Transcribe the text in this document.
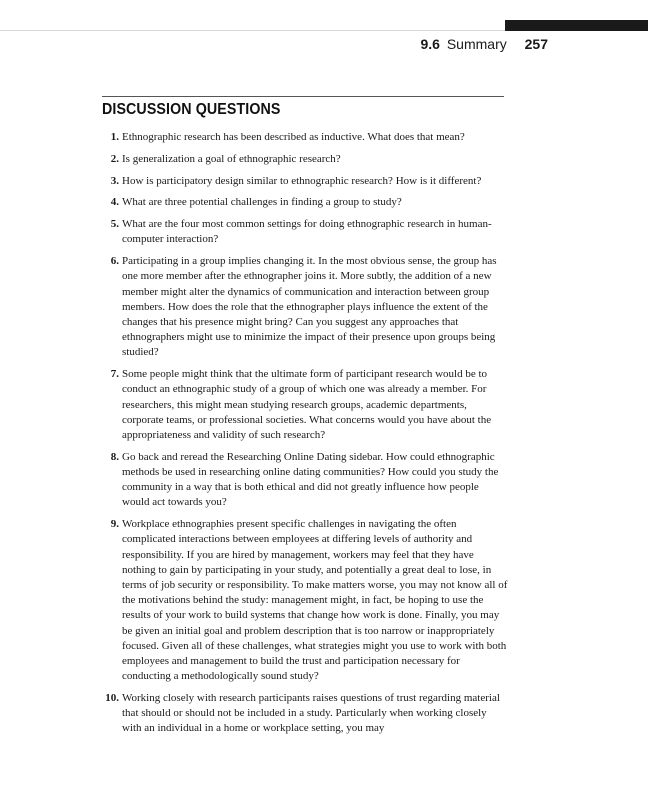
9.6 Summary 257
DISCUSSION QUESTIONS
1. Ethnographic research has been described as inductive. What does that mean?
2. Is generalization a goal of ethnographic research?
3. How is participatory design similar to ethnographic research? How is it different?
4. What are three potential challenges in finding a group to study?
5. What are the four most common settings for doing ethnographic research in human-computer interaction?
6. Participating in a group implies changing it. In the most obvious sense, the group has one more member after the ethnographer joins it. More subtly, the addition of a new member might alter the dynamics of communication and interaction between group members. How does the role that the ethnographer plays influence the extent of the changes that his presence might bring? Can you suggest any approaches that ethnographers might use to minimize the impact of their presence upon groups being studied?
7. Some people might think that the ultimate form of participant research would be to conduct an ethnographic study of a group of which one was already a member. For researchers, this might mean studying research groups, academic departments, corporate teams, or professional societies. What concerns would you have about the appropriateness and validity of such research?
8. Go back and reread the Researching Online Dating sidebar. How could ethnographic methods be used in researching online dating communities? How could you study the community in a way that is both ethical and did not greatly influence how people would act towards you?
9. Workplace ethnographies present specific challenges in navigating the often complicated interactions between employees at differing levels of authority and responsibility. If you are hired by management, workers may feel that they have nothing to gain by participating in your study, and potentially a great deal to lose, in terms of job security or responsibility. To make matters worse, you may not know all of the motivations behind the study: management might, in fact, be hoping to use the results of your work to build systems that change how work is done. Finally, you may be given an initial goal and problem description that is too narrow or inappropriately focused. Given all of these challenges, what strategies might you use to work with both employees and management to build the trust and participation necessary for conducting a methodologically sound study?
10. Working closely with research participants raises questions of trust regarding material that should or should not be included in a study. Particularly when working closely with an individual in a home or workplace setting, you may
